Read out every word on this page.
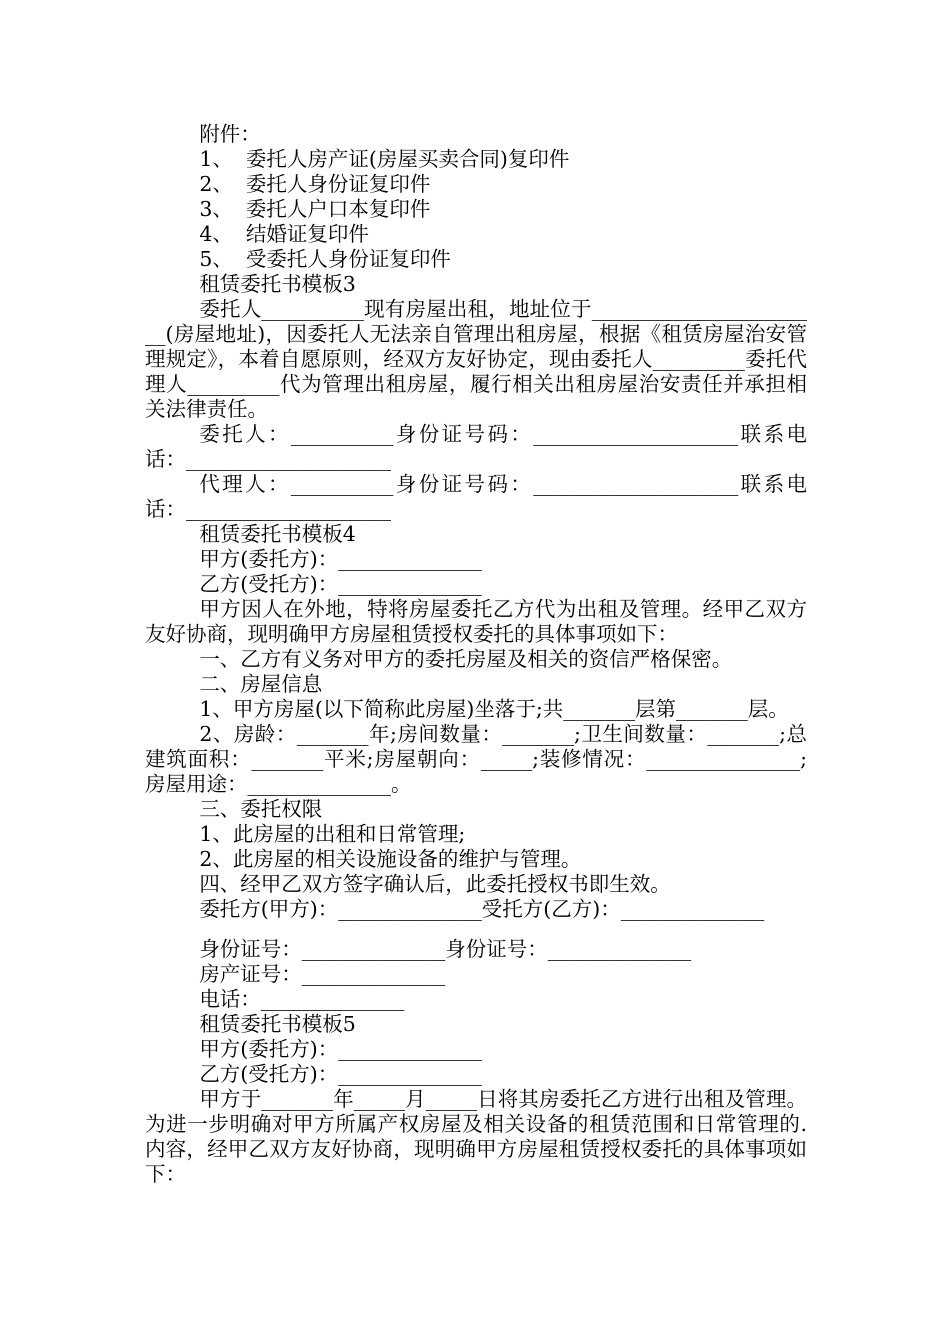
附件：

1、  委托人房产证(房屋买卖合同)复印件

2、  委托人身份证复印件

3、  委托人户口本复印件

4、  结婚证复印件

5、  受委托人身份证复印件

租赁委托书模板3

委托人__________现有房屋出租，地址位于_______________________(房屋地址)，因委托人无法亲自管理出租房屋，根据《租赁房屋治安管理规定》，本着自愿原则，经双方友好协定，现由委托人_________委托代理人_________代为管理出租房屋，履行相关出租房屋治安责任并承担相关法律责任。

委托人：__________身份证号码：____________________联系电话：____________________

代理人：__________身份证号码：____________________联系电话：____________________

租赁委托书模板4

甲方(委托方)：______________

乙方(受托方)：______________

甲方因人在外地，特将房屋委托乙方代为出租及管理。经甲乙双方友好协商，现明确甲方房屋租赁授权委托的具体事项如下：

一、乙方有义务对甲方的委托房屋及相关的资信严格保密。

二、房屋信息

1、甲方房屋(以下简称此房屋)坐落于;共_______层第_______层。

2、房龄：_______年;房间数量：_______;卫生间数量：_______;总建筑面积：_______平米;房屋朝向：_____;装修情况：_______________;房屋用途：______________。

三、委托权限

1、此房屋的出租和日常管理;

2、此房屋的相关设施设备的维护与管理。

四、经甲乙双方签字确认后，此委托授权书即生效。

委托方(甲方)：______________受托方(乙方)：______________

身份证号：______________身份证号：______________

房产证号：______________

电话：______________

租赁委托书模板5

甲方(委托方)：______________

乙方(受托方)：______________

甲方于_______年_____月_____日将其房委托乙方进行出租及管理。为进一步明确对甲方所属产权房屋及相关设备的租赁范围和日常管理的.内容，经甲乙双方友好协商，现明确甲方房屋租赁授权委托的具体事项如下：
